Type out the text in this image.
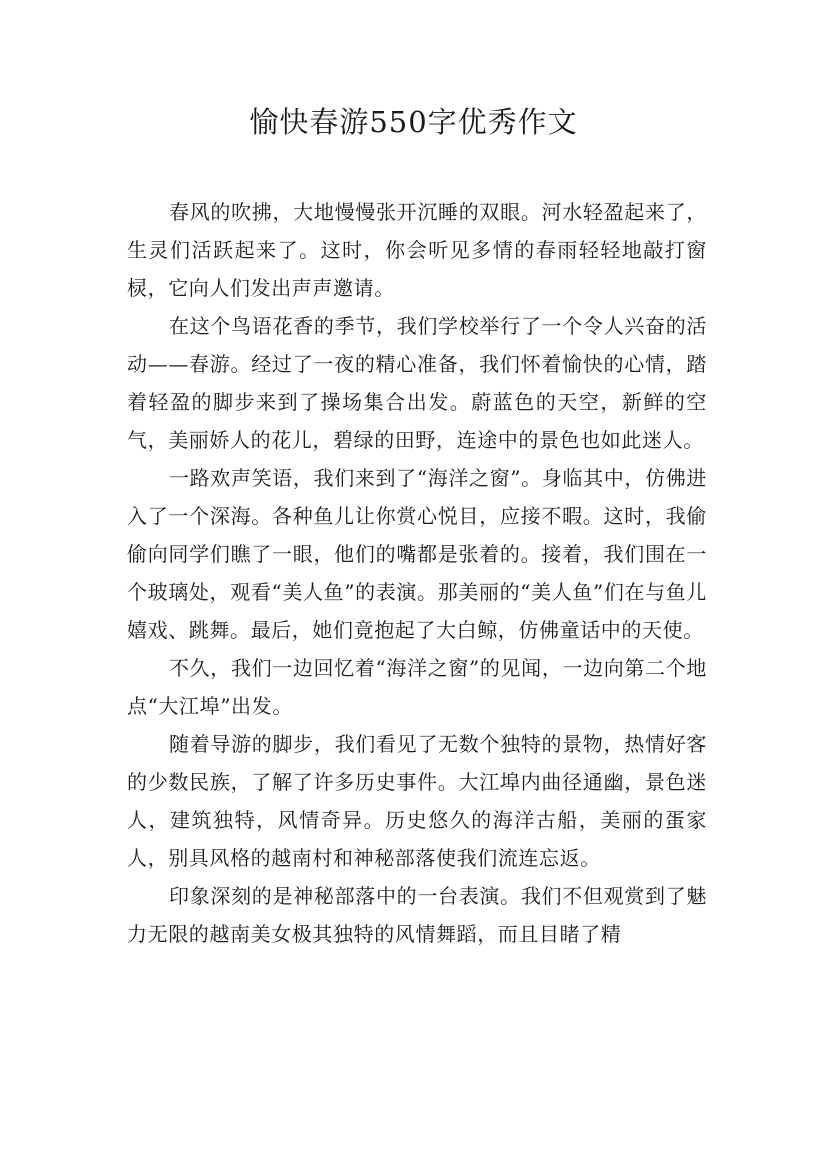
愉快春游550字优秀作文

春风的吹拂，大地慢慢张开沉睡的双眼。河水轻盈起来了，生灵们活跃起来了。这时，你会听见多情的春雨轻轻地敲打窗棂，它向人们发出声声邀请。

在这个鸟语花香的季节，我们学校举行了一个令人兴奋的活动——春游。经过了一夜的精心准备，我们怀着愉快的心情，踏着轻盈的脚步来到了操场集合出发。蔚蓝色的天空，新鲜的空气，美丽娇人的花儿，碧绿的田野，连途中的景色也如此迷人。

一路欢声笑语，我们来到了“海洋之窗”。身临其中，仿佛进入了一个深海。各种鱼儿让你赏心悦目，应接不暇。这时，我偷偷向同学们瞧了一眼，他们的嘴都是张着的。接着，我们围在一个玻璃处，观看“美人鱼”的表演。那美丽的“美人鱼”们在与鱼儿嬉戏、跳舞。最后，她们竟抱起了大白鲸，仿佛童话中的天使。

不久，我们一边回忆着“海洋之窗”的见闻，一边向第二个地点“大江埠”出发。

随着导游的脚步，我们看见了无数个独特的景物，热情好客的少数民族，了解了许多历史事件。大江埠内曲径通幽，景色迷人，建筑独特，风情奇异。历史悠久的海洋古船，美丽的蛋家人，别具风格的越南村和神秘部落使我们流连忘返。

印象深刻的是神秘部落中的一台表演。我们不但观赏到了魅力无限的越南美女极其独特的风情舞蹈，而且目睹了精
